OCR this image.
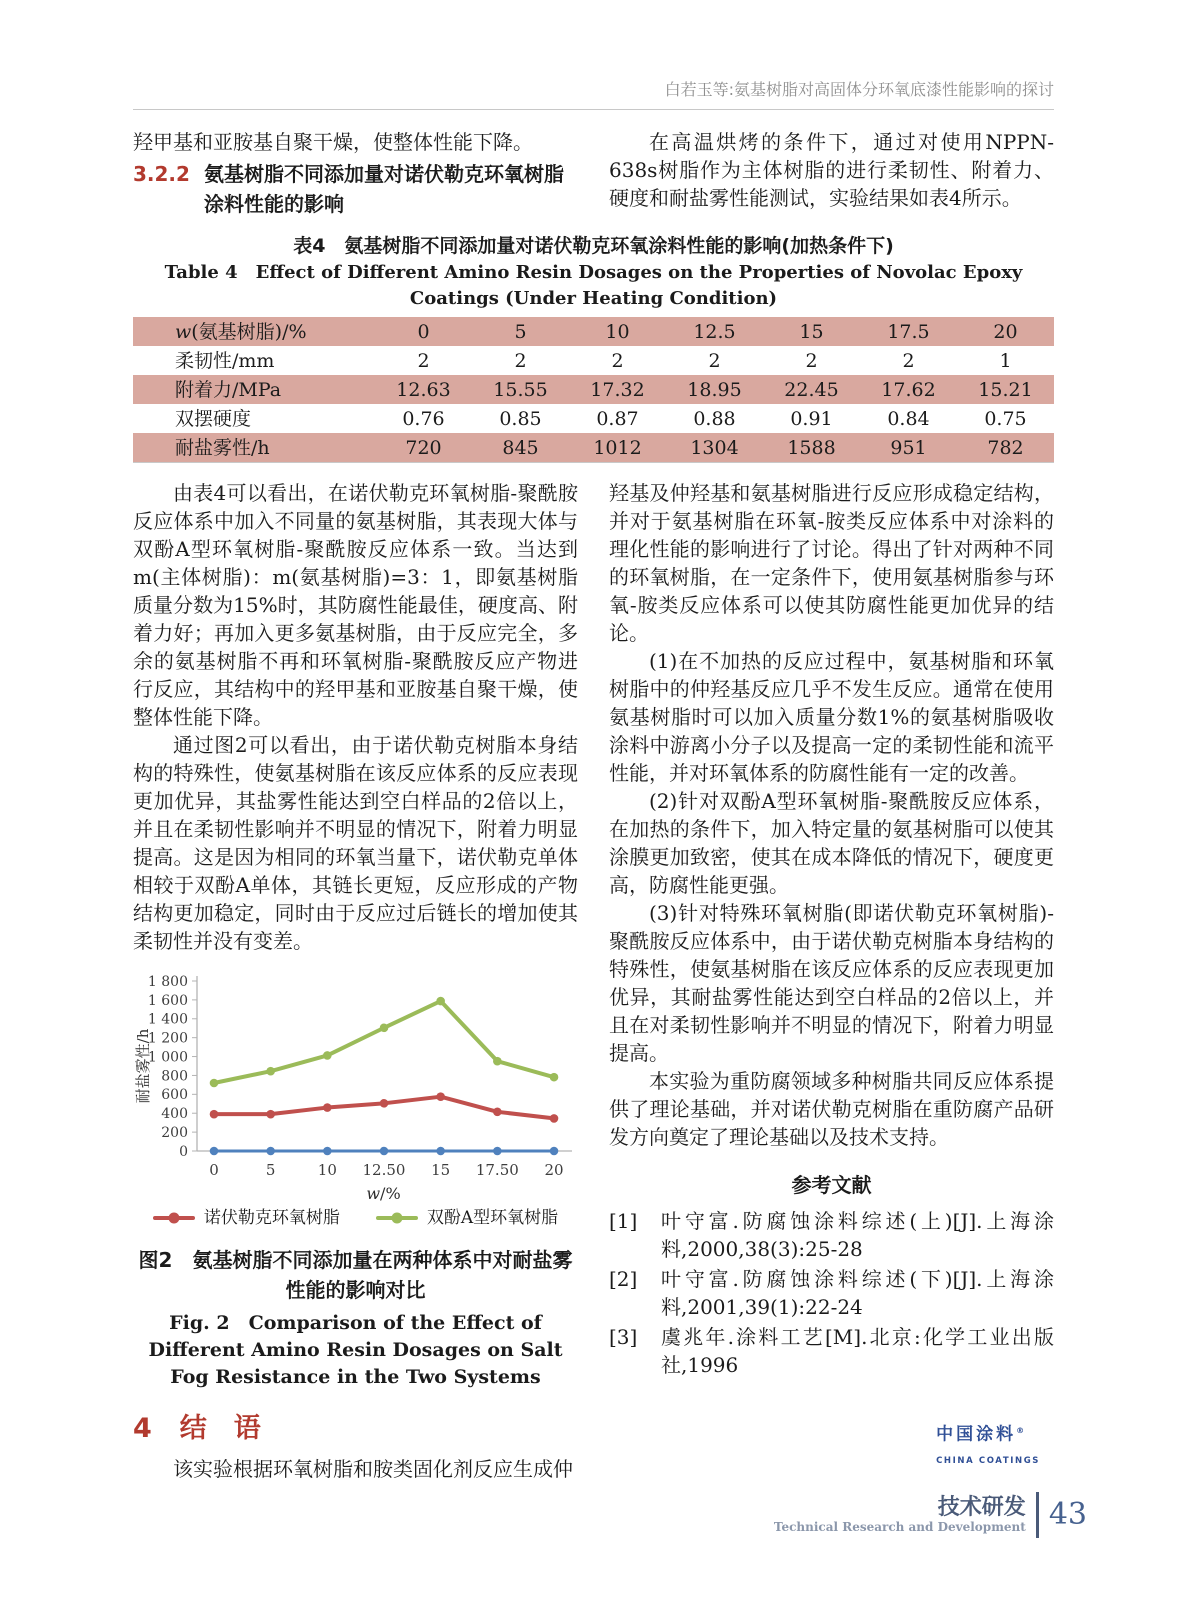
白若玉等:氨基树脂对高固体分环氧底漆性能影响的探讨
羟甲基和亚胺基自聚干燥，使整体性能下降。
3.2.2 氨基树脂不同添加量对诺伏勒克环氧树脂涂料性能的影响
在高温烘烤的条件下，通过对使用NPPN-638s树脂作为主体树脂的进行柔韧性、附着力、硬度和耐盐雾性能测试，实验结果如表4所示。
表4　氨基树脂不同添加量对诺伏勒克环氧涂料性能的影响(加热条件下)
Table 4　Effect of Different Amino Resin Dosages on the Properties of Novolac Epoxy Coatings (Under Heating Condition)
w(氨基树脂)/%	0	5	10	12.5	15	17.5	20
柔韧性/mm	2	2	2	2	2	2	1
附着力/MPa	12.63	15.55	17.32	18.95	22.45	17.62	15.21
双摆硬度	0.76	0.85	0.87	0.88	0.91	0.84	0.75
耐盐雾性/h	720	845	1012	1304	1588	951	782
由表4可以看出，在诺伏勒克环氧树脂-聚酰胺反应体系中加入不同量的氨基树脂，其表现大体与双酚A型环氧树脂-聚酰胺反应体系一致。当达到m(主体树脂)：m(氨基树脂)=3：1，即氨基树脂质量分数为15%时，其防腐性能最佳，硬度高、附着力好；再加入更多氨基树脂，由于反应完全，多余的氨基树脂不再和环氧树脂-聚酰胺反应产物进行反应，其结构中的羟甲基和亚胺基自聚干燥，使整体性能下降。
通过图2可以看出，由于诺伏勒克树脂本身结构的特殊性，使氨基树脂在该反应体系的反应表现更加优异，其盐雾性能达到空白样品的2倍以上，并且在柔韧性影响并不明显的情况下，附着力明显提高。这是因为相同的环氧当量下，诺伏勒克单体相较于双酚A单体，其链长更短，反应形成的产物结构更加稳定，同时由于反应过后链长的增加使其柔韧性并没有变差。
0
200
400
600
800
1 000
1 200
1 400
1 600
1 800
0	5	10 12.50 15 17.50 20
w/%
耐盐雾性/h
诺伏勒克环氧树脂	双酚A型环氧树脂
图2　氨基树脂不同添加量在两种体系中对耐盐雾性能的影响对比
Fig. 2　Comparison of the Effect of Different Amino Resin Dosages on Salt Fog Resistance in the Two Systems
4 结　语
该实验根据环氧树脂和胺类固化剂反应生成仲
羟基及仲羟基和氨基树脂进行反应形成稳定结构，并对于氨基树脂在环氧-胺类反应体系中对涂料的理化性能的影响进行了讨论。得出了针对两种不同的环氧树脂，在一定条件下，使用氨基树脂参与环氧-胺类反应体系可以使其防腐性能更加优异的结论。
(1)在不加热的反应过程中，氨基树脂和环氧树脂中的仲羟基反应几乎不发生反应。通常在使用氨基树脂时可以加入质量分数1%的氨基树脂吸收涂料中游离小分子以及提高一定的柔韧性能和流平性能，并对环氧体系的防腐性能有一定的改善。
(2)针对双酚A型环氧树脂-聚酰胺反应体系，在加热的条件下，加入特定量的氨基树脂可以使其涂膜更加致密，使其在成本降低的情况下，硬度更高，防腐性能更强。
(3)针对特殊环氧树脂(即诺伏勒克环氧树脂)-聚酰胺反应体系中，由于诺伏勒克树脂本身结构的特殊性，使氨基树脂在该反应体系的反应表现更加优异，其耐盐雾性能达到空白样品的2倍以上，并且在对柔韧性影响并不明显的情况下，附着力明显提高。
本实验为重防腐领域多种树脂共同反应体系提供了理论基础，并对诺伏勒克树脂在重防腐产品研发方向奠定了理论基础以及技术支持。
参考文献
[1]	叶守富.防腐蚀涂料综述(上)[J].上海涂料,2000,38(3):25-28
[2]	叶守富.防腐蚀涂料综述(下)[J].上海涂料,2001,39(1):22-24
[3]	虞兆年.涂料工艺[M].北京:化学工业出版社,1996
中国涂料®
CHINA COATINGS
技术研发
Technical Research and Development 43
